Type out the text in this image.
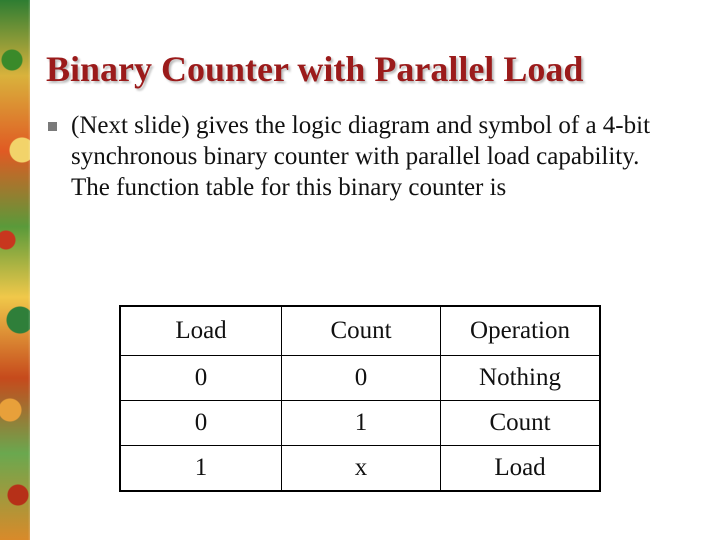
Binary Counter with Parallel Load

(Next slide) gives the logic diagram and symbol of a 4-bit synchronous binary counter with parallel load capability. The function table for this binary counter is

Load	Count	Operation
0	0	Nothing
0	1	Count
1	x	Load
